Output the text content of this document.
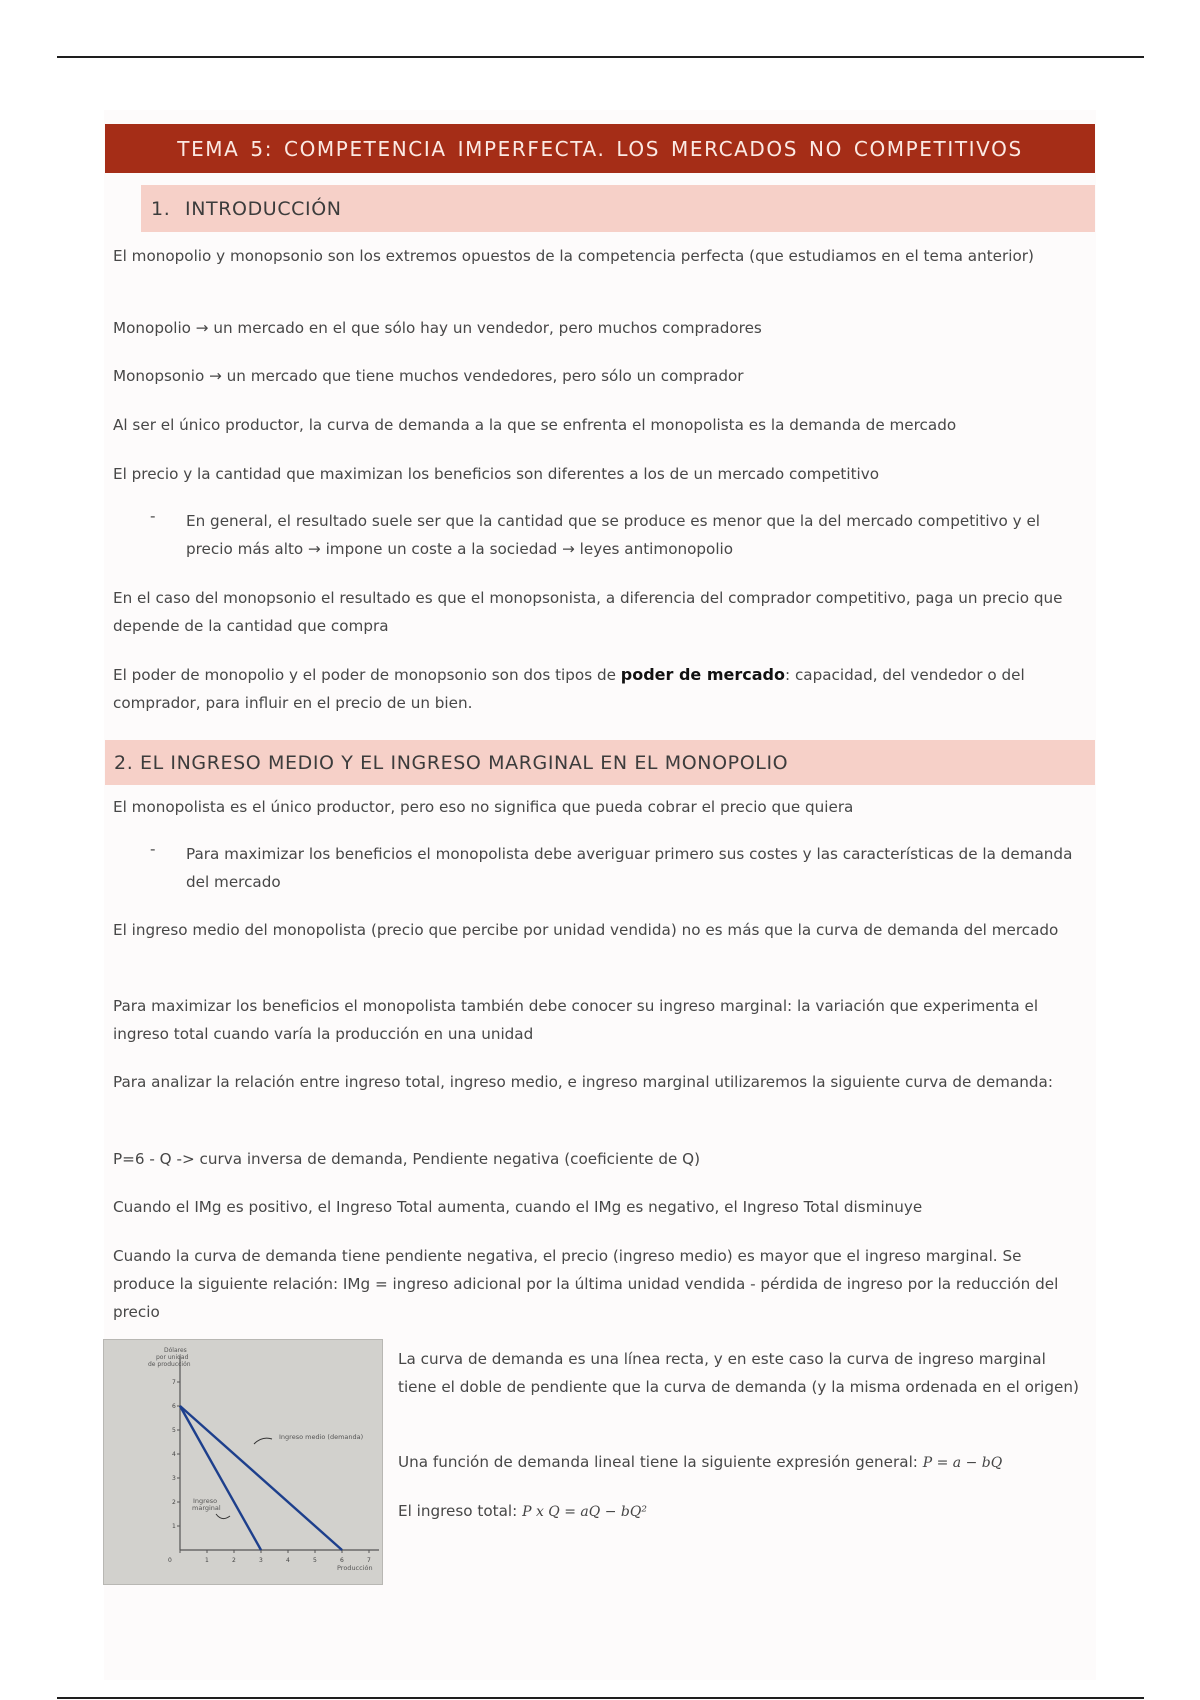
TEMA 5: COMPETENCIA IMPERFECTA. LOS MERCADOS NO COMPETITIVOS
1. INTRODUCCIÓN
El monopolio y monopsonio son los extremos opuestos de la competencia perfecta (que estudiamos en el tema anterior)
Monopolio → un mercado en el que sólo hay un vendedor, pero muchos compradores
Monopsonio → un mercado que tiene muchos vendedores, pero sólo un comprador
Al ser el único productor, la curva de demanda a la que se enfrenta el monopolista es la demanda de mercado
El precio y la cantidad que maximizan los beneficios son diferentes a los de un mercado competitivo
-	En general, el resultado suele ser que la cantidad que se produce es menor que la del mercado competitivo y el precio más alto → impone un coste a la sociedad → leyes antimonopolio
En el caso del monopsonio el resultado es que el monopsonista, a diferencia del comprador competitivo, paga un precio que depende de la cantidad que compra
El poder de monopolio y el poder de monopsonio son dos tipos de poder de mercado: capacidad, del vendedor o del comprador, para influir en el precio de un bien.
2. EL INGRESO MEDIO Y EL INGRESO MARGINAL EN EL MONOPOLIO
El monopolista es el único productor, pero eso no significa que pueda cobrar el precio que quiera
-	Para maximizar los beneficios el monopolista debe averiguar primero sus costes y las características de la demanda del mercado
El ingreso medio del monopolista (precio que percibe por unidad vendida) no es más que la curva de demanda del mercado
Para maximizar los beneficios el monopolista también debe conocer su ingreso marginal: la variación que experimenta el ingreso total cuando varía la producción en una unidad
Para analizar la relación entre ingreso total, ingreso medio, e ingreso marginal utilizaremos la siguiente curva de demanda:
P=6 - Q -> curva inversa de demanda, Pendiente negativa (coeficiente de Q)
Cuando el IMg es positivo, el Ingreso Total aumenta, cuando el IMg es negativo, el Ingreso Total disminuye
Cuando la curva de demanda tiene pendiente negativa, el precio (ingreso medio) es mayor que el ingreso marginal. Se produce la siguiente relación: IMg = ingreso adicional por la última unidad vendida - pérdida de ingreso por la reducción del precio
Dólares
por unidad
de producción
7
6
5
4
3
2
1
0	1	2	3	4	5	6	7
Ingreso medio (demanda)
Ingreso
marginal
Producción
La curva de demanda es una línea recta, y en este caso la curva de ingreso marginal tiene el doble de pendiente que la curva de demanda (y la misma ordenada en el origen)
Una función de demanda lineal tiene la siguiente expresión general: P = a − bQ
El ingreso total: P x Q = aQ − bQ²
